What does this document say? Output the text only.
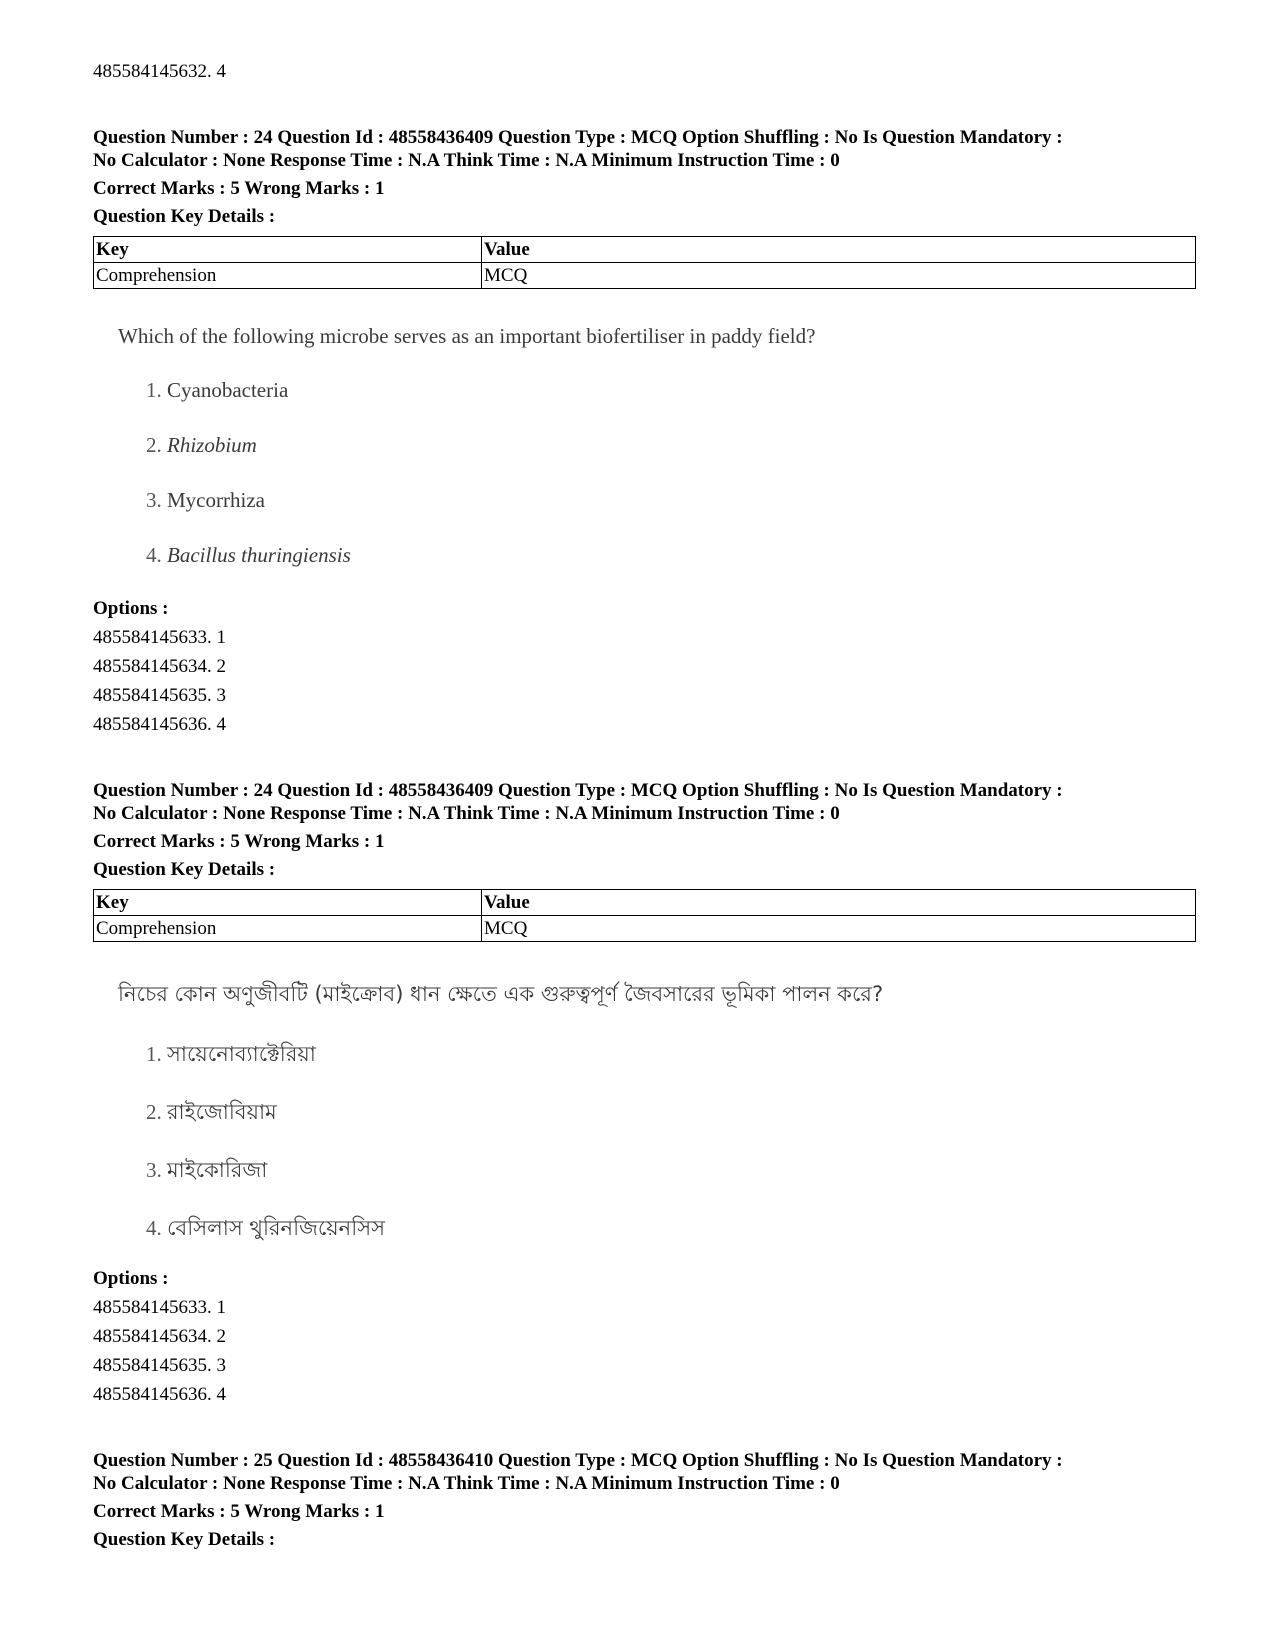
485584145632. 4
Question Number : 24 Question Id : 48558436409 Question Type : MCQ Option Shuffling : No Is Question Mandatory :
No Calculator : None Response Time : N.A Think Time : N.A Minimum Instruction Time : 0
Correct Marks : 5 Wrong Marks : 1
Question Key Details :
Key	Value
Comprehension	MCQ
Which of the following microbe serves as an important biofertiliser in paddy field?
1. Cyanobacteria
2. Rhizobium
3. Mycorrhiza
4. Bacillus thuringiensis
Options :
485584145633. 1
485584145634. 2
485584145635. 3
485584145636. 4
Question Number : 24 Question Id : 48558436409 Question Type : MCQ Option Shuffling : No Is Question Mandatory :
No Calculator : None Response Time : N.A Think Time : N.A Minimum Instruction Time : 0
Correct Marks : 5 Wrong Marks : 1
Question Key Details :
Key	Value
Comprehension	MCQ
নিচের কোন অণুজীবটি (মাইক্রোব) ধান ক্ষেতে এক গুরুত্বপূর্ণ জৈবসারের ভূমিকা পালন করে?
1. সায়েনোব্যাক্টেরিয়া
2. রাইজোবিয়াম
3. মাইকোরিজা
4. বেসিলাস থুরিনজিয়েনসিস
Options :
485584145633. 1
485584145634. 2
485584145635. 3
485584145636. 4
Question Number : 25 Question Id : 48558436410 Question Type : MCQ Option Shuffling : No Is Question Mandatory :
No Calculator : None Response Time : N.A Think Time : N.A Minimum Instruction Time : 0
Correct Marks : 5 Wrong Marks : 1
Question Key Details :
